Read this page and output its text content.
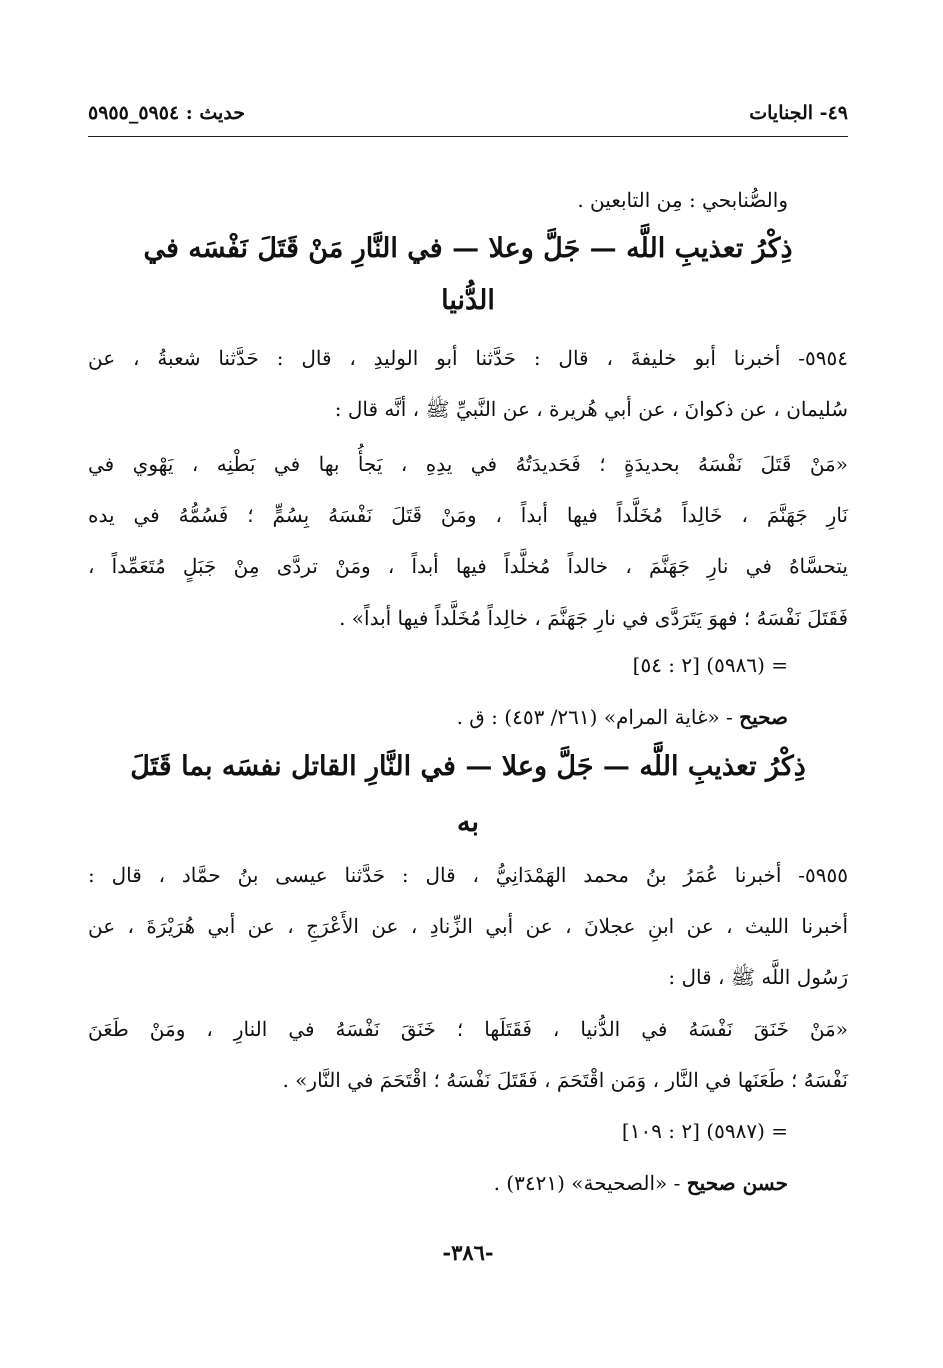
٤٩- الجنايات
حديث : ٥٩٥٤_٥٩٥٥
والصُّنابحي : مِن التابعين .
ذِكْرُ تعذيبِ اللَّه — جَلَّ وعلا — في النَّارِ مَنْ قَتَلَ نَفْسَه في
الدُّنيا
٥٩٥٤- أخبرنا أبو خليفةَ ، قال : حَدَّثنا أبو الوليدِ ، قال : حَدَّثنا شعبةُ ، عن
سُليمان ، عن ذكوانَ ، عن أبي هُريرة ، عن النَّبيِّ ﷺ ، أنَّه قال :
«مَنْ قَتَلَ نَفْسَهُ بحديدَةٍ ؛ فَحَديدَتُهُ في يدِهِ ، يَجأُ بها في بَطْنِه ، يَهْوي في
نَارِ جَهَنَّمَ ، خَالِداً مُخَلَّداً فيها أبداً ، ومَنْ قَتَلَ نَفْسَهُ بِسُمٍّ ؛ فَسُمُّهُ في يده
يتحسَّاهُ في نارِ جَهَنَّمَ ، خالداً مُخلَّداً فيها أبداً ، ومَنْ تردَّى مِنْ جَبَلٍ مُتَعَمِّداً ،
فَقَتَلَ نَفْسَهُ ؛ فهوَ يَتَرَدَّى في نارِ جَهَنَّمَ ، خالِداً مُخَلَّداً فيها أبداً» .
= (٥٩٨٦) [٢ : ٥٤]
صحيح - «غاية المرام» (٢٦١/ ٤٥٣) : ق .
ذِكْرُ تعذيبِ اللَّه — جَلَّ وعلا — في النَّارِ القاتل نفسَه بما قَتَلَ
به
٥٩٥٥- أخبرنا عُمَرُ بنُ محمد الهَمْدَانِيُّ ، قال : حَدَّثنا عيسى بنُ حمَّاد ، قال :
أخبرنا الليث ، عن ابنِ عجلانَ ، عن أبي الزِّنادِ ، عن الأَعْرَجِ ، عن أبي هُرَيْرَةَ ، عن
رَسُول اللَّه ﷺ ، قال :
«مَنْ خَنَقَ نَفْسَهُ في الدُّنيا ، فَقَتَلَها ؛ خَنَقَ نَفْسَهُ في النارِ ، ومَنْ طَعَنَ
نَفْسَهُ ؛ طَعَنَها في النَّار ، وَمَن اقْتَحَمَ ، فَقَتَلَ نَفْسَهُ ؛ اقْتَحَمَ في النَّار» .
= (٥٩٨٧) [٢ : ١٠٩]
حسن صحيح - «الصحيحة» (٣٤٢١) .
-٣٨٦-
